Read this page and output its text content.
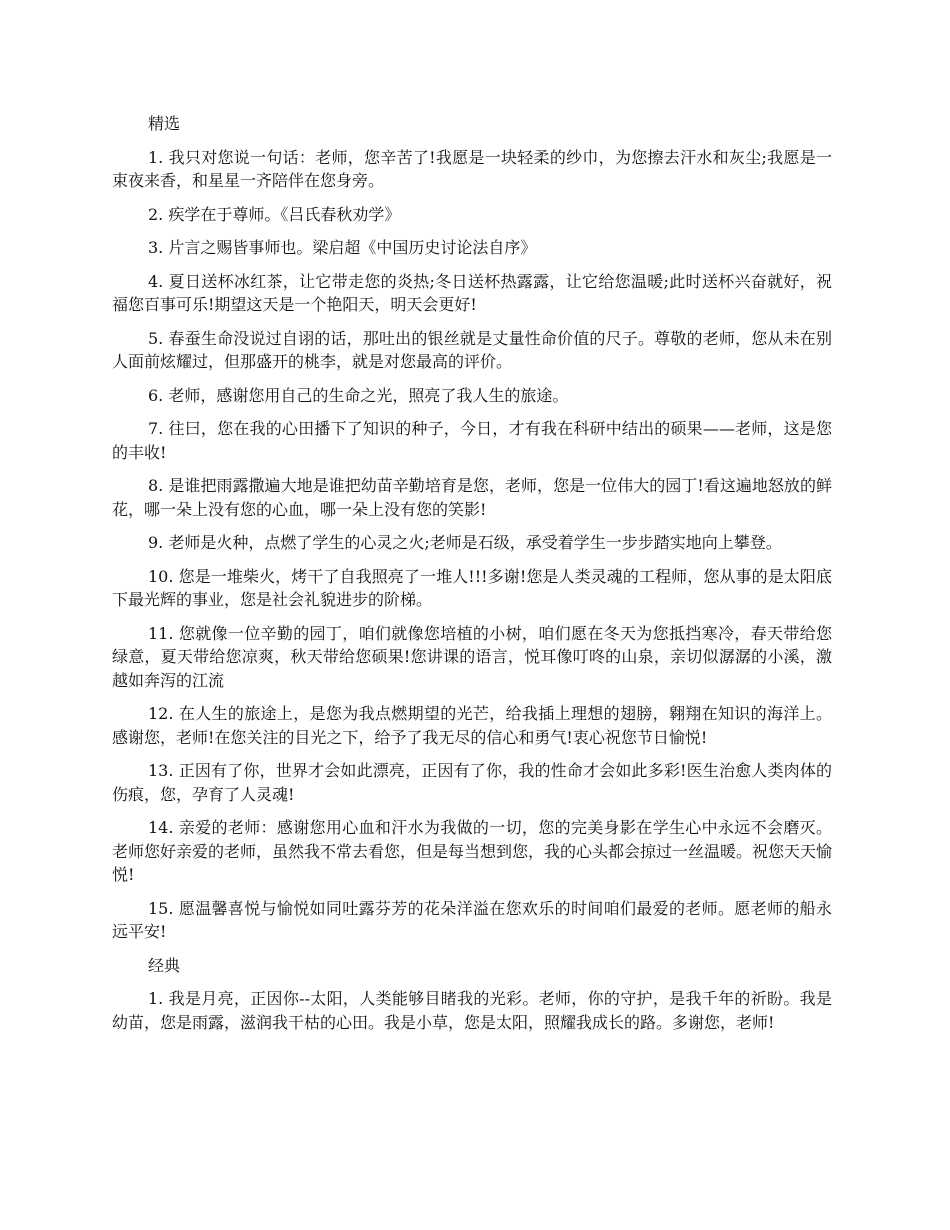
精选

1. 我只对您说一句话：老师，您辛苦了!我愿是一块轻柔的纱巾，为您擦去汗水和灰尘;我愿是一束夜来香，和星星一齐陪伴在您身旁。

2. 疾学在于尊师。《吕氏春秋劝学》

3. 片言之赐皆事师也。梁启超《中国历史讨论法自序》

4. 夏日送杯冰红茶，让它带走您的炎热;冬日送杯热露露，让它给您温暖;此时送杯兴奋就好，祝福您百事可乐!期望这天是一个艳阳天，明天会更好!

5. 春蚕生命没说过自诩的话，那吐出的银丝就是丈量性命价值的尺子。尊敬的老师，您从未在别人面前炫耀过，但那盛开的桃李，就是对您最高的评价。

6. 老师，感谢您用自己的生命之光，照亮了我人生的旅途。

7. 往曰，您在我的心田播下了知识的种子，今日，才有我在科研中结出的硕果——老师，这是您的丰收!

8. 是谁把雨露撒遍大地是谁把幼苗辛勤培育是您，老师，您是一位伟大的园丁!看这遍地怒放的鲜花，哪一朵上没有您的心血，哪一朵上没有您的笑影!

9. 老师是火种，点燃了学生的心灵之火;老师是石级，承受着学生一步步踏实地向上攀登。

10. 您是一堆柴火，烤干了自我照亮了一堆人!!!多谢!您是人类灵魂的工程师，您从事的是太阳底下最光辉的事业，您是社会礼貌进步的阶梯。

11. 您就像一位辛勤的园丁，咱们就像您培植的小树，咱们愿在冬天为您抵挡寒冷，春天带给您绿意，夏天带给您凉爽，秋天带给您硕果!您讲课的语言，悦耳像叮咚的山泉，亲切似潺潺的小溪，激越如奔泻的江流

12. 在人生的旅途上，是您为我点燃期望的光芒，给我插上理想的翅膀，翱翔在知识的海洋上。感谢您，老师!在您关注的目光之下，给予了我无尽的信心和勇气!衷心祝您节日愉悦!

13. 正因有了你，世界才会如此漂亮，正因有了你，我的性命才会如此多彩!医生治愈人类肉体的伤痕，您，孕育了人灵魂!

14. 亲爱的老师：感谢您用心血和汗水为我做的一切，您的完美身影在学生心中永远不会磨灭。老师您好亲爱的老师，虽然我不常去看您，但是每当想到您，我的心头都会掠过一丝温暖。祝您天天愉悦!

15. 愿温馨喜悦与愉悦如同吐露芬芳的花朵洋溢在您欢乐的时间咱们最爱的老师。愿老师的船永远平安!

经典

1. 我是月亮，正因你--太阳，人类能够目睹我的光彩。老师，你的守护，是我千年的祈盼。我是幼苗，您是雨露，滋润我干枯的心田。我是小草，您是太阳，照耀我成长的路。多谢您，老师!
